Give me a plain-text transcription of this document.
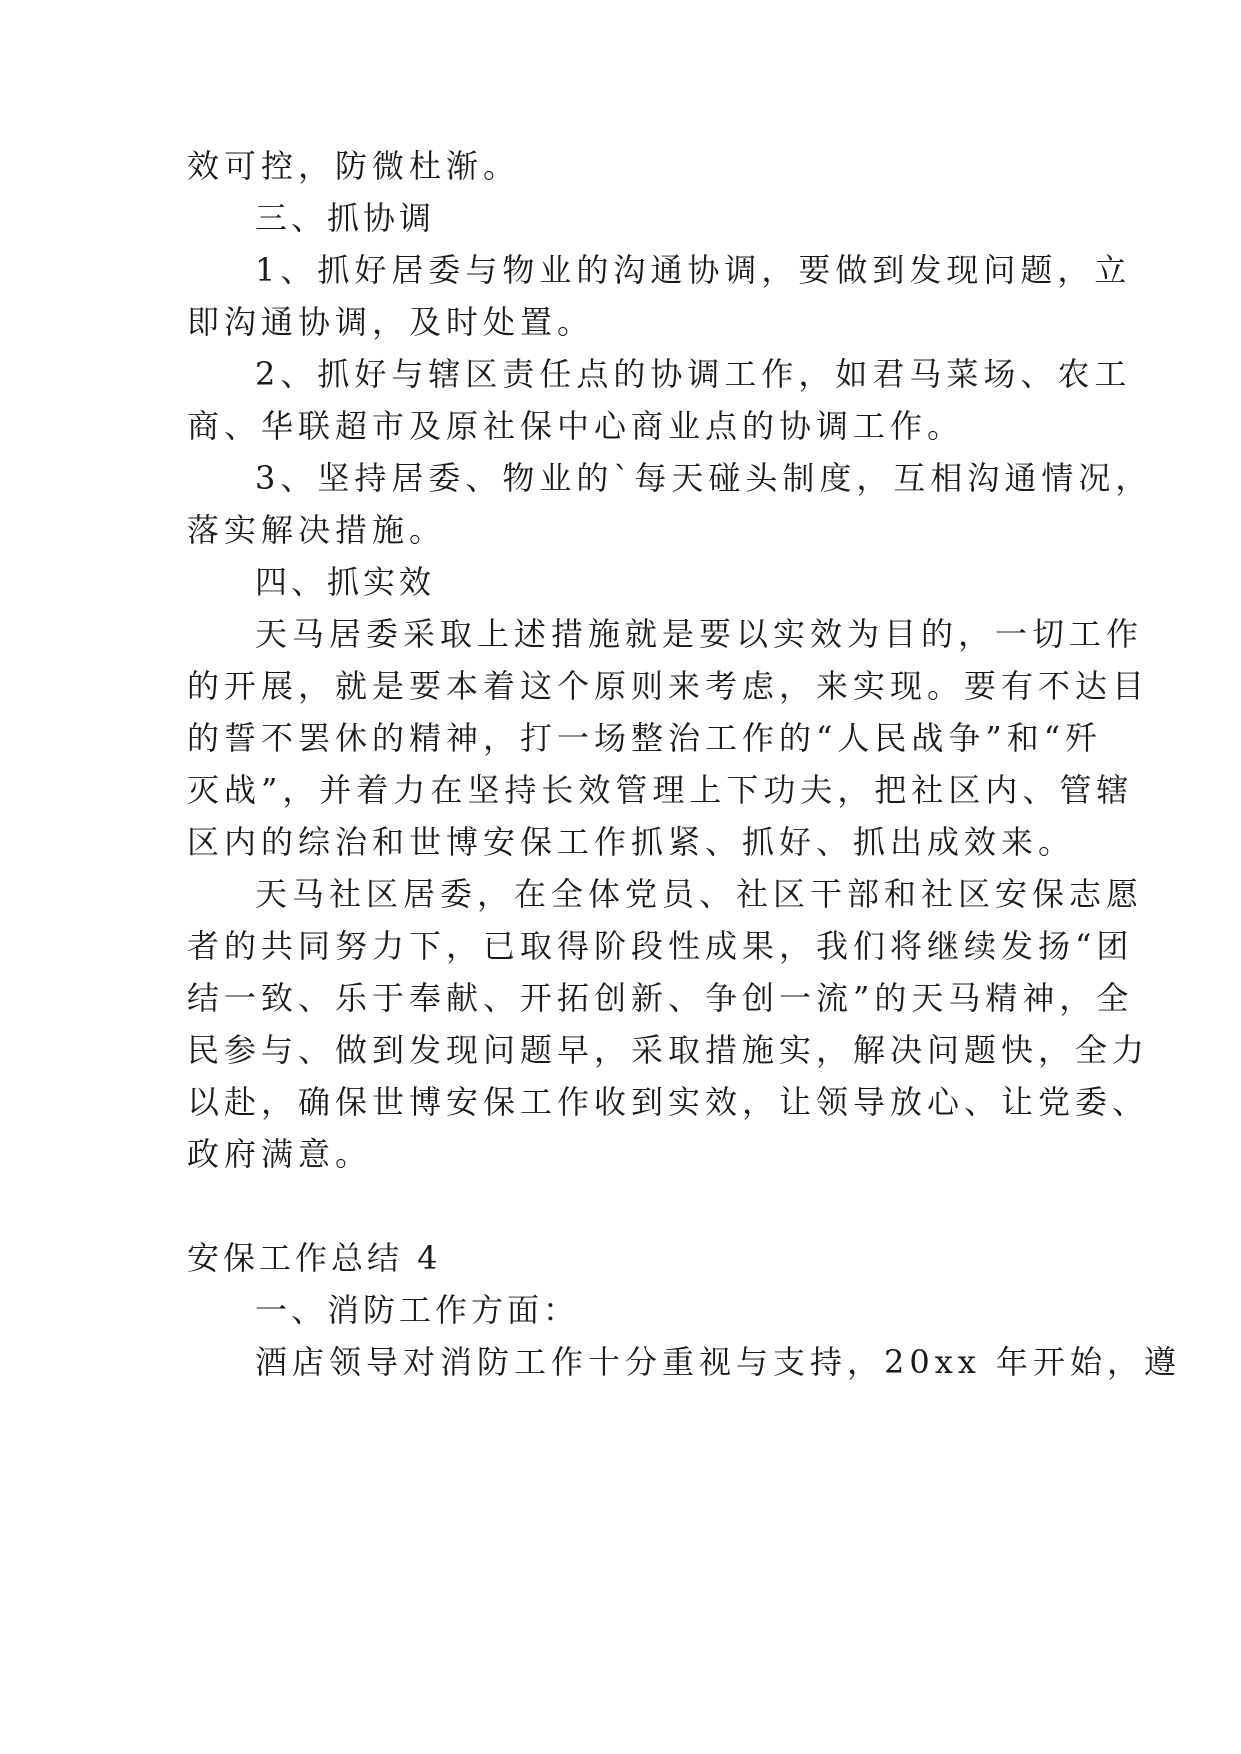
效可控，防微杜渐。
三、抓协调
1、抓好居委与物业的沟通协调，要做到发现问题，立
即沟通协调，及时处置。
2、抓好与辖区责任点的协调工作，如君马菜场、农工
商、华联超市及原社保中心商业点的协调工作。
3、坚持居委、物业的`每天碰头制度，互相沟通情况，
落实解决措施。
四、抓实效
天马居委采取上述措施就是要以实效为目的，一切工作
的开展，就是要本着这个原则来考虑，来实现。要有不达目
的誓不罢休的精神，打一场整治工作的“人民战争”和“歼
灭战”，并着力在坚持长效管理上下功夫，把社区内、管辖
区内的综治和世博安保工作抓紧、抓好、抓出成效来。
天马社区居委，在全体党员、社区干部和社区安保志愿
者的共同努力下，已取得阶段性成果，我们将继续发扬“团
结一致、乐于奉献、开拓创新、争创一流”的天马精神，全
民参与、做到发现问题早，采取措施实，解决问题快，全力
以赴，确保世博安保工作收到实效，让领导放心、让党委、
政府满意。
安保工作总结 4
一、消防工作方面：
酒店领导对消防工作十分重视与支持，20xx 年开始，遵
